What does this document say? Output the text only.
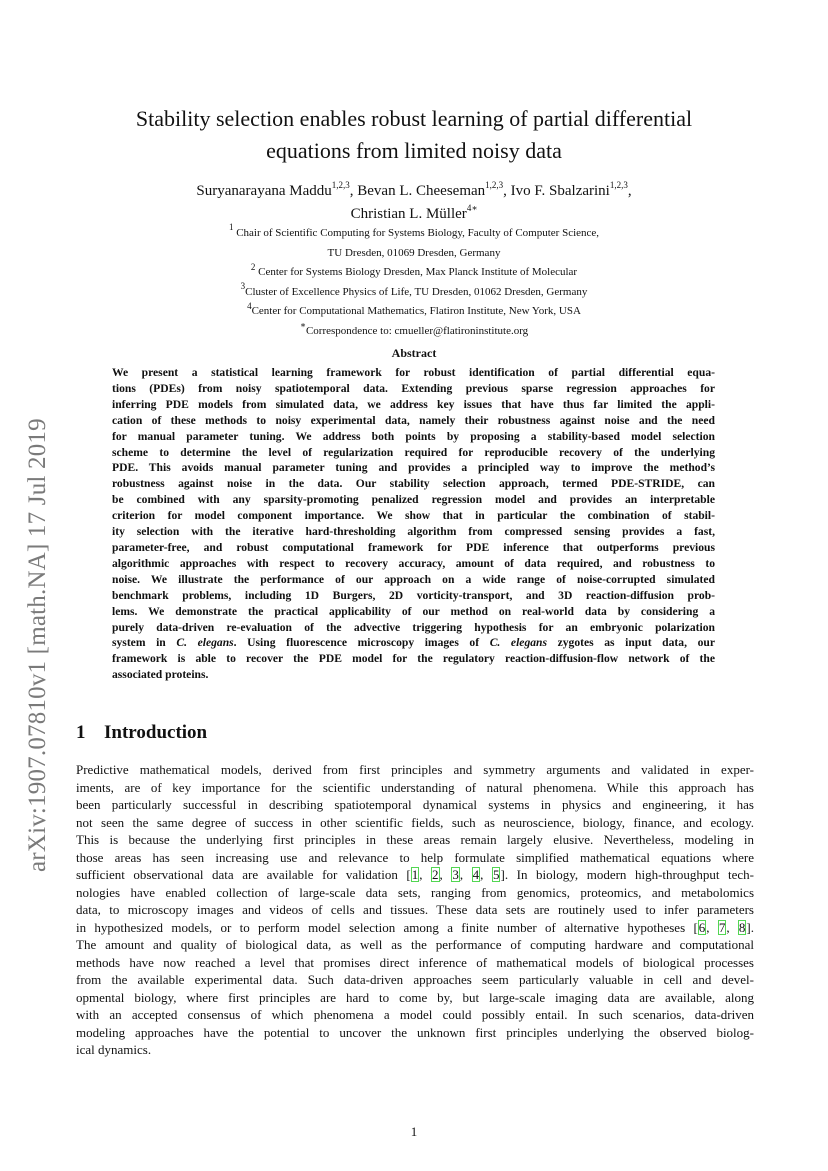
arXiv:1907.07810v1 [math.NA] 17 Jul 2019
Stability selection enables robust learning of partial differential
equations from limited noisy data
Suryanarayana Maddu$^{1,2,3}$, Bevan L. Cheeseman$^{1,2,3}$, Ivo F. Sbalzarini$^{1,2,3}$,
Christian L. Müller$^{4∗}$
$^1$ Chair of Scientific Computing for Systems Biology, Faculty of Computer Science,
TU Dresden, 01069 Dresden, Germany
$^2$ Center for Systems Biology Dresden, Max Planck Institute of Molecular
$^3$Cluster of Excellence Physics of Life, TU Dresden, 01062 Dresden, Germany
$^4$Center for Computational Mathematics, Flatiron Institute, New York, USA
∗Correspondence to: cmueller@flatironinstitute.org
Abstract
We present a statistical learning framework for robust identification of partial differential equa-
tions (PDEs) from noisy spatiotemporal data. Extending previous sparse regression approaches for
inferring PDE models from simulated data, we address key issues that have thus far limited the appli-
cation of these methods to noisy experimental data, namely their robustness against noise and the need
for manual parameter tuning. We address both points by proposing a stability-based model selection
scheme to determine the level of regularization required for reproducible recovery of the underlying
PDE. This avoids manual parameter tuning and provides a principled way to improve the method’s
robustness against noise in the data. Our stability selection approach, termed PDE-STRIDE, can
be combined with any sparsity-promoting penalized regression model and provides an interpretable
criterion for model component importance. We show that in particular the combination of stabil-
ity selection with the iterative hard-thresholding algorithm from compressed sensing provides a fast,
parameter-free, and robust computational framework for PDE inference that outperforms previous
algorithmic approaches with respect to recovery accuracy, amount of data required, and robustness to
noise. We illustrate the performance of our approach on a wide range of noise-corrupted simulated
benchmark problems, including 1D Burgers, 2D vorticity-transport, and 3D reaction-diffusion prob-
lems. We demonstrate the practical applicability of our method on real-world data by considering a
purely data-driven re-evaluation of the advective triggering hypothesis for an embryonic polarization
system in C. elegans. Using fluorescence microscopy images of C. elegans zygotes as input data, our
framework is able to recover the PDE model for the regulatory reaction-diffusion-flow network of the
associated proteins.
1 Introduction
Predictive mathematical models, derived from first principles and symmetry arguments and validated in exper-
iments, are of key importance for the scientific understanding of natural phenomena. While this approach has
been particularly successful in describing spatiotemporal dynamical systems in physics and engineering, it has
not seen the same degree of success in other scientific fields, such as neuroscience, biology, finance, and ecology.
This is because the underlying first principles in these areas remain largely elusive. Nevertheless, modeling in
those areas has seen increasing use and relevance to help formulate simplified mathematical equations where
sufficient observational data are available for validation [1, 2, 3, 4, 5]. In biology, modern high-throughput tech-
nologies have enabled collection of large-scale data sets, ranging from genomics, proteomics, and metabolomics
data, to microscopy images and videos of cells and tissues. These data sets are routinely used to infer parameters
in hypothesized models, or to perform model selection among a finite number of alternative hypotheses [6, 7, 8].
The amount and quality of biological data, as well as the performance of computing hardware and computational
methods have now reached a level that promises direct inference of mathematical models of biological processes
from the available experimental data. Such data-driven approaches seem particularly valuable in cell and devel-
opmental biology, where first principles are hard to come by, but large-scale imaging data are available, along
with an accepted consensus of which phenomena a model could possibly entail. In such scenarios, data-driven
modeling approaches have the potential to uncover the unknown first principles underlying the observed biolog-
ical dynamics.
1
